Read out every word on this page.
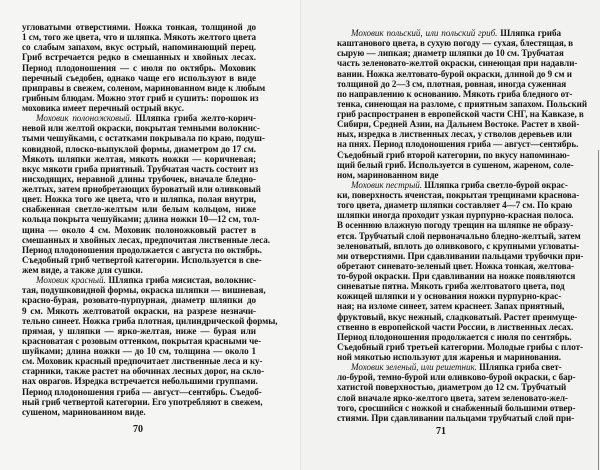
угловатыми отверстиями. Ножка тонкая, толщиной до
1 см, того же цвета, что и шляпка. Мякоть желтого цвета
со слабым запахом, вкус острый, напоминающий перец.
Гриб встречается редко в смешанных и хвойных лесах.
Период плодоношения — с июля по октябрь. Моховик
перечный съедобен, однако чаще его используют в виде
приправы в свежем, соленом, маринованном виде к любым
грибным блюдам. Можно этот гриб и сушить: порошок из
моховика имеет перечный острый вкус.
Моховик полоножковый. Шляпка гриба желто-корич-
невой или желтой окраски, покрытая темными волокнис-
тыми чешуйками, с остатками покрывала по краю, подуш-
ковидной, плоско-выпуклой формы, диаметром до 17 см.
Мякоть шляпки желтая, мякоть ножки — коричневая;
вкус мякоти гриба приятный. Трубчатая часть состоит из
нисходящих, неравной длины трубочек, вначале бледно-
желтых, затем приобретающих буроватый или оливковый
цвет. Ножка того же цвета, что и шляпка, полая внутри,
снабженная светло-желтым или белым кольцом, ниже
кольца покрыта чешуйками; длина ножки 10—12 см, тол-
щина — около 4 см. Моховик полоножковый растет в
смешанных и хвойных лесах, предпочитая лиственные леса.
Период плодоношения продолжается с августа по октябрь.
Съедобный гриб четвертой категории. Используется в све-
жем виде, а также для сушки.
Моховик красный. Шляпка гриба мясистая, волокнис-
тая, подушковидной формы, окраска шляпки — вишневая,
красно-бурая, розовато-пурпурная, диаметр шляпки до
9 см. Мякоть желтоватой окраски, на разрезе незначи-
тельно синеет. Ножка гриба плотная, цилиндрической формы,
прямая, у шляпки — ярко-желтая, ниже — бурая или
красноватая с розовым оттенком, покрытая красными че-
шуйками; длина ножки — до 10 см, толщина — около 1
см. Моховик красный предпочитает лиственные леса и ку-
старники, также растет на обочинах лесных дорог, на скло-
нах оврагов. Изредка встречается небольшими группами.
Период плодоношения гриба — август—сентябрь. Съедоб-
ный гриб четвертой категории. Его употребляют в свежем,
сушеном, маринованном виде.
70
Моховик польский, или польский гриб. Шляпка гриба
каштанового цвета, в сухую погоду — сухая, блестящая, в
сырую — липкая; диаметр шляпки до 10 см. Трубчатая
часть зеленовато-желтой окраски, синеющая при надавли-
вании. Ножка желтовато-бурой окраски, длиной до 9 см и
толщиной до 2—3 см, плотная, ровная, иногда суженная
по направлению к основанию. Мякоть гриба бледного от-
тенка, синеющая на разломе, с приятным запахом. Польский
гриб распространен в европейской части СНГ, на Кавказе, в
Сибири, Средней Азии, на Дальнем Востоке. Растет в хвой-
ных, изредка в лиственных лесах, у стволов деревьев или
на пнях. Период плодоношения гриба — август—сентябрь.
Съедобный гриб второй категории, по вкусу напоминаю-
щий белый гриб. Используется в сушеном, жареном, соле-
ном, маринованном виде
Моховик пестрый. Шляпка гриба светло-бурой окрас-
ки, поверхность ячеистая, покрытая трещинами краснова-
того цвета, диаметр шляпки составляет 4—7 см. По краю
шляпки иногда проходит узкая пурпурно-красная полоса.
В осеннюю влажную погоду трещин на шляпке не образу-
ется. Трубчатый слой первоначально бледно-желтый, затем
зеленоватый, вплоть до оливкового, с крупными угловаты-
ми отверстиями. При сдавливании пальцами трубочки при-
обретают синевато-зеленый цвет. Ножка тонкая, желтова-
то-бурой окраски. При сдавливании на ножке появляются
синеватые пятна. Мякоть гриба желтоватого цвета, под
кожицей шляпки и у основания ножки пурпурно-крас-
ная; на изломе синеет, затем краснеет. Запах приятный,
фруктовый, вкус нежный, сладковатый. Растет преимуще-
ственно в европейской части России, в лиственных лесах.
Период плодоношения продолжается с июля по сентябрь.
Съедобный гриб третьей категории. Молодые грибы с плот-
ной мякотью используют для жаренья и маринования.
Моховик зеленый, или решетник. Шляпка гриба свет-
ло-бурой, темно-бурой или оливково-бурой окраски, с бар-
хатистой поверхностью, диаметром до 12 см. Трубчатый
слой вначале ярко-желтого цвета, затем зеленовато-жел-
того, сросшийся с ножкой и снабженный большими отвер-
стиями. При сдавливании пальцами трубчатый слой при-
71
